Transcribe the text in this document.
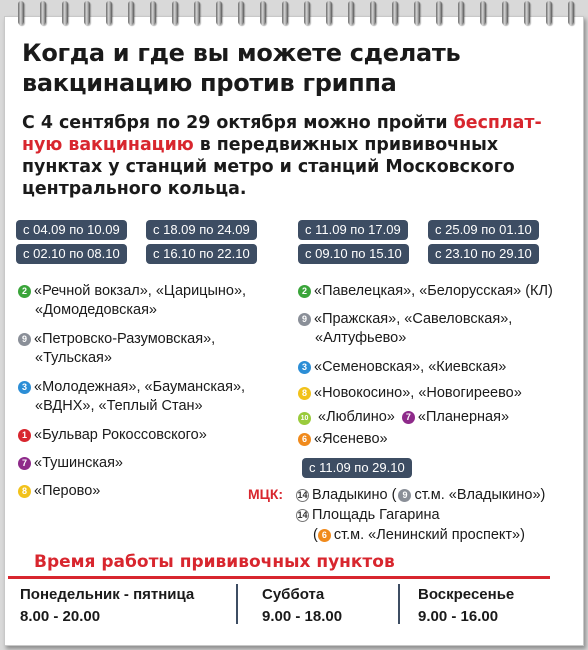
Когда и где вы можете сделать
вакцинацию против гриппа
С 4 сентября по 29 октября можно пройти бесплат-ную вакцинацию в передвижных прививочных пунктах у станций метро и станций Московского центрального кольца.
с 04.09 по 10.09	с 18.09 по 24.09
с 02.10 по 08.10	с 16.10 по 22.10
с 11.09 по 17.09	с 25.09 по 01.10
с 09.10 по 15.10	с 23.10 по 29.10
с 11.09 по 29.10
2 «Речной вокзал», «Царицыно»,
«Домодедовская»
9 «Петровско-Разумовская»,
«Тульская»
3 «Молодежная», «Бауманская»,
«ВДНХ», «Теплый Стан»
1 «Бульвар Рокоссовского»
7 «Тушинская»
8 «Перово»
2 «Павелецкая», «Белорусская» (КЛ)
9 «Пражская», «Савеловская»,
«Алтуфьево»
3 «Семеновская», «Киевская»
8 «Новокосино», «Новогиреево»
10 «Люблино» 7 «Планерная»
6 «Ясенево»
МЦК: 14 Владыкино ( 9 ст.м. «Владыкино»)
14 Площадь Гагарина
( 6 ст.м. «Ленинский проспект»)
Время работы прививочных пунктов
Понедельник - пятница
8.00 - 20.00
Суббота
9.00 - 18.00
Воскресенье
9.00 - 16.00
